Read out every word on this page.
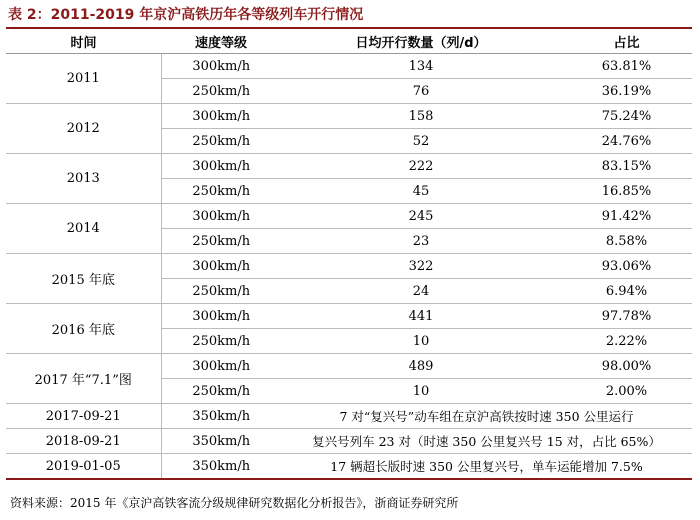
表 2：2011-2019 年京沪高铁历年各等级列车开行情况
时间	速度等级	日均开行数量（列/d）	占比
2011	300km/h	134	63.81%
	250km/h	76	36.19%
2012	300km/h	158	75.24%
	250km/h	52	24.76%
2013	300km/h	222	83.15%
	250km/h	45	16.85%
2014	300km/h	245	91.42%
	250km/h	23	8.58%
2015 年底	300km/h	322	93.06%
	250km/h	24	6.94%
2016 年底	300km/h	441	97.78%
	250km/h	10	2.22%
2017 年“7.1”图	300km/h	489	98.00%
	250km/h	10	2.00%
2017-09-21	350km/h	7 对“复兴号”动车组在京沪高铁按时速 350 公里运行	
2018-09-21	350km/h	复兴号列车 23 对（时速 350 公里复兴号 15 对，占比 65%）	
2019-01-05	350km/h	17 辆超长版时速 350 公里复兴号，单车运能增加 7.5%	
资料来源：2015 年《京沪高铁客流分级规律研究数据化分析报告》，浙商证券研究所
